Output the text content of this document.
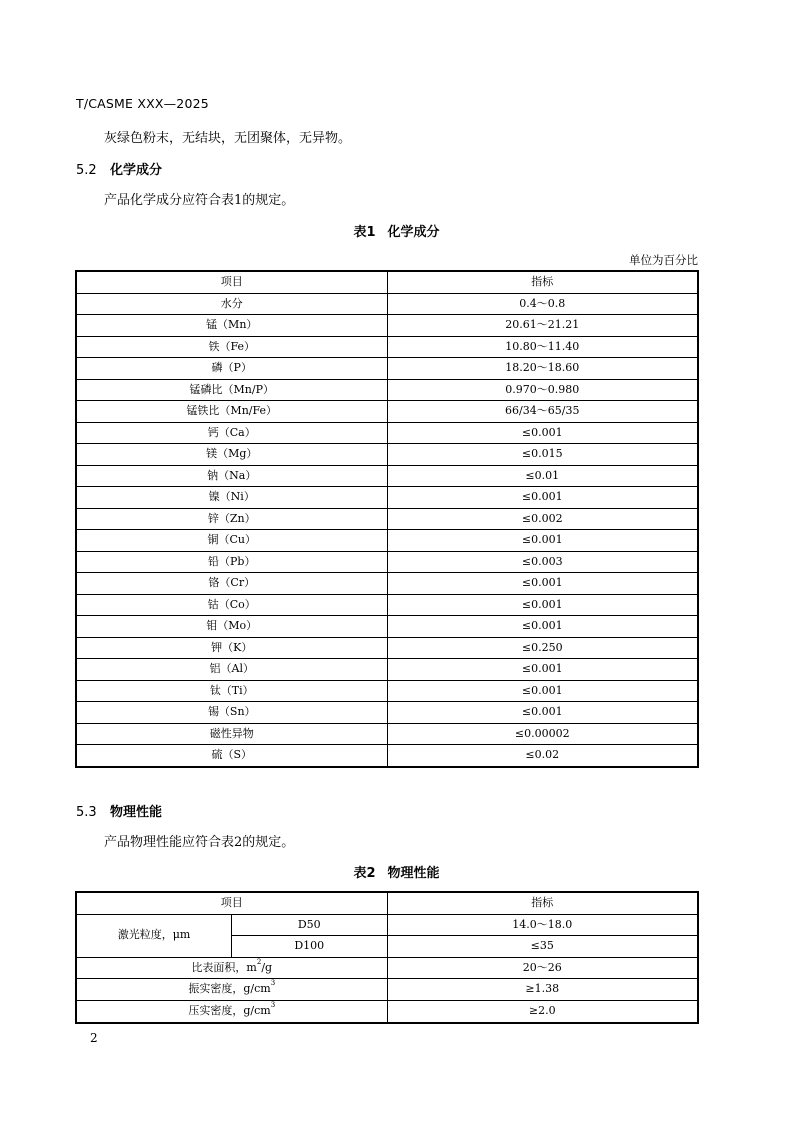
T/CASME XXX—2025
灰绿色粉末，无结块，无团聚体，无异物。
5.2 化学成分
产品化学成分应符合表1的规定。
表1 化学成分
单位为百分比
项目	指标
水分	0.4～0.8
锰（Mn）	20.61～21.21
铁（Fe）	10.80～11.40
磷（P）	18.20～18.60
锰磷比（Mn/P）	0.970～0.980
锰铁比（Mn/Fe）	66/34～65/35
钙（Ca）	≤0.001
镁（Mg）	≤0.015
钠（Na）	≤0.01
镍（Ni）	≤0.001
锌（Zn）	≤0.002
铜（Cu）	≤0.001
铅（Pb）	≤0.003
铬（Cr）	≤0.001
钴（Co）	≤0.001
钼（Mo）	≤0.001
钾（K）	≤0.250
铝（Al）	≤0.001
钛（Ti）	≤0.001
锡（Sn）	≤0.001
磁性异物	≤0.00002
硫（S）	≤0.02
5.3 物理性能
产品物理性能应符合表2的规定。
表2 物理性能
项目		指标
激光粒度，μm	D50	14.0～18.0
	D100	≤35
比表面积，$m^2/g$		20～26
振实密度，$g/cm^3$		≥1.38
压实密度，$g/cm^3$		≥2.0
2
